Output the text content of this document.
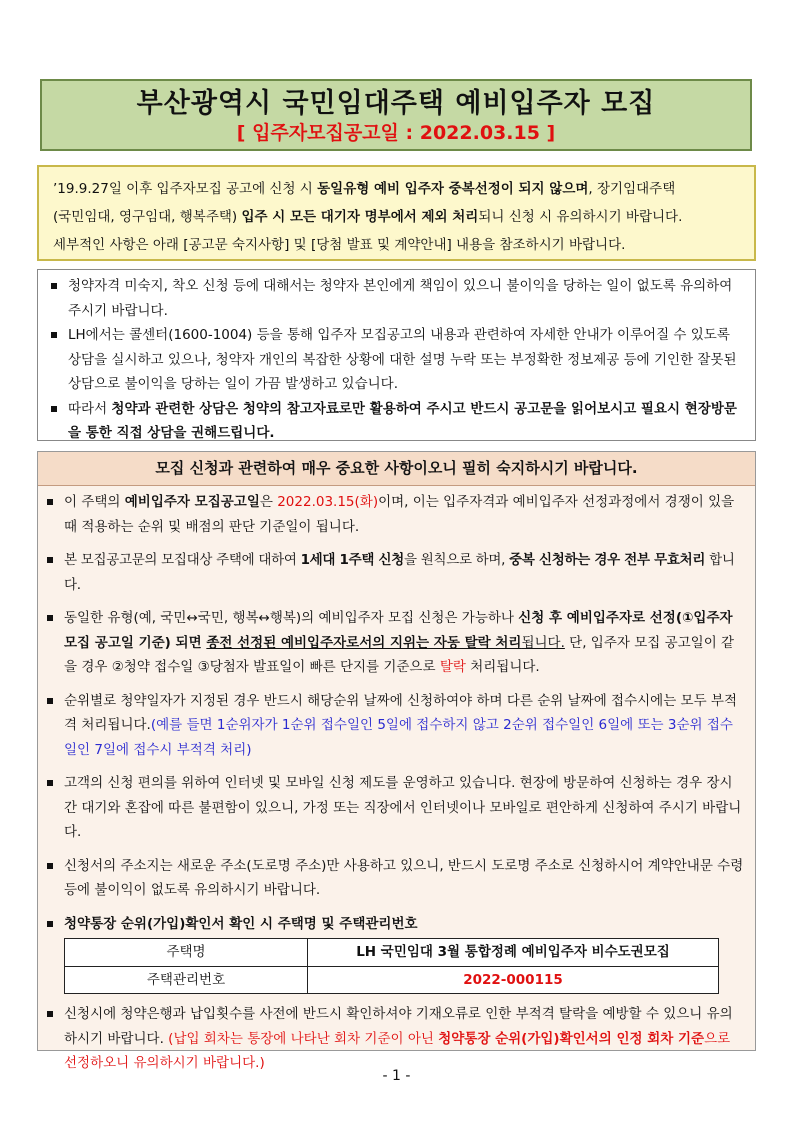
부산광역시 국민임대주택 예비입주자 모집
[ 입주자모집공고일 : 2022.03.15 ]

’19.9.27일 이후 입주자모집 공고에 신청 시 동일유형 예비 입주자 중복선정이 되지 않으며, 장기임대주택

(국민임대, 영구임대, 행복주택) 입주 시 모든 대기자 명부에서 제외 처리되니 신청 시 유의하시기 바랍니다.

세부적인 사항은 아래 [공고문 숙지사항] 및 [당첨 발표 및 계약안내] 내용을 참조하시기 바랍니다.

청약자격 미숙지, 착오 신청 등에 대해서는 청약자 본인에게 책임이 있으니 불이익을 당하는 일이 없도록 유의하여 주시기 바랍니다.
LH에서는 콜센터(1600-1004) 등을 통해 입주자 모집공고의 내용과 관련하여 자세한 안내가 이루어질 수 있도록 상담을 실시하고 있으나, 청약자 개인의 복잡한 상황에 대한 설명 누락 또는 부정확한 정보제공 등에 기인한 잘못된 상담으로 불이익을 당하는 일이 가끔 발생하고 있습니다.
따라서 청약과 관련한 상담은 청약의 참고자료로만 활용하여 주시고 반드시 공고문을 읽어보시고 필요시 현장방문을 통한 직접 상담을 권해드립니다.
모집 신청과 관련하여 매우 중요한 사항이오니 필히 숙지하시기 바랍니다.
이 주택의 예비입주자 모집공고일은 2022.03.15(화)이며, 이는 입주자격과 예비입주자 선정과정에서 경쟁이 있을 때 적용하는 순위 및 배점의 판단 기준일이 됩니다.
본 모집공고문의 모집대상 주택에 대하여 1세대 1주택 신청을 원칙으로 하며, 중복 신청하는 경우 전부 무효처리 합니다.
동일한 유형(예, 국민↔국민, 행복↔행복)의 예비입주자 모집 신청은 가능하나 신청 후 예비입주자로 선정(①입주자모집 공고일 기준) 되면 종전 선정된 예비입주자로서의 지위는 자동 탈락 처리됩니다. 단, 입주자 모집 공고일이 같을 경우 ②청약 접수일 ③당첨자 발표일이 빠른 단지를 기준으로 탈락 처리됩니다.
순위별로 청약일자가 지정된 경우 반드시 해당순위 날짜에 신청하여야 하며 다른 순위 날짜에 접수시에는 모두 부적격 처리됩니다.(예를 들면 1순위자가 1순위 접수일인 5일에 접수하지 않고 2순위 접수일인 6일에 또는 3순위 접수일인 7일에 접수시 부적격 처리)
고객의 신청 편의를 위하여 인터넷 및 모바일 신청 제도를 운영하고 있습니다. 현장에 방문하여 신청하는 경우 장시간 대기와 혼잡에 따른 불편함이 있으니, 가정 또는 직장에서 인터넷이나 모바일로 편안하게 신청하여 주시기 바랍니다.
신청서의 주소지는 새로운 주소(도로명 주소)만 사용하고 있으니, 반드시 도로명 주소로 신청하시어 계약안내문 수령 등에 불이익이 없도록 유의하시기 바랍니다.
청약통장 순위(가입)확인서 확인 시 주택명 및 주택관리번호
주택명	LH 국민임대 3월 통합정례 예비입주자 비수도권모집
주택관리번호	2022-000115
신청시에 청약은행과 납입횟수를 사전에 반드시 확인하셔야 기재오류로 인한 부적격 탈락을 예방할 수 있으니 유의하시기 바랍니다. (납입 회차는 통장에 나타난 회차 기준이 아닌 청약통장 순위(가입)확인서의 인정 회차 기준으로 선정하오니 유의하시기 바랍니다.)
- 1 -
